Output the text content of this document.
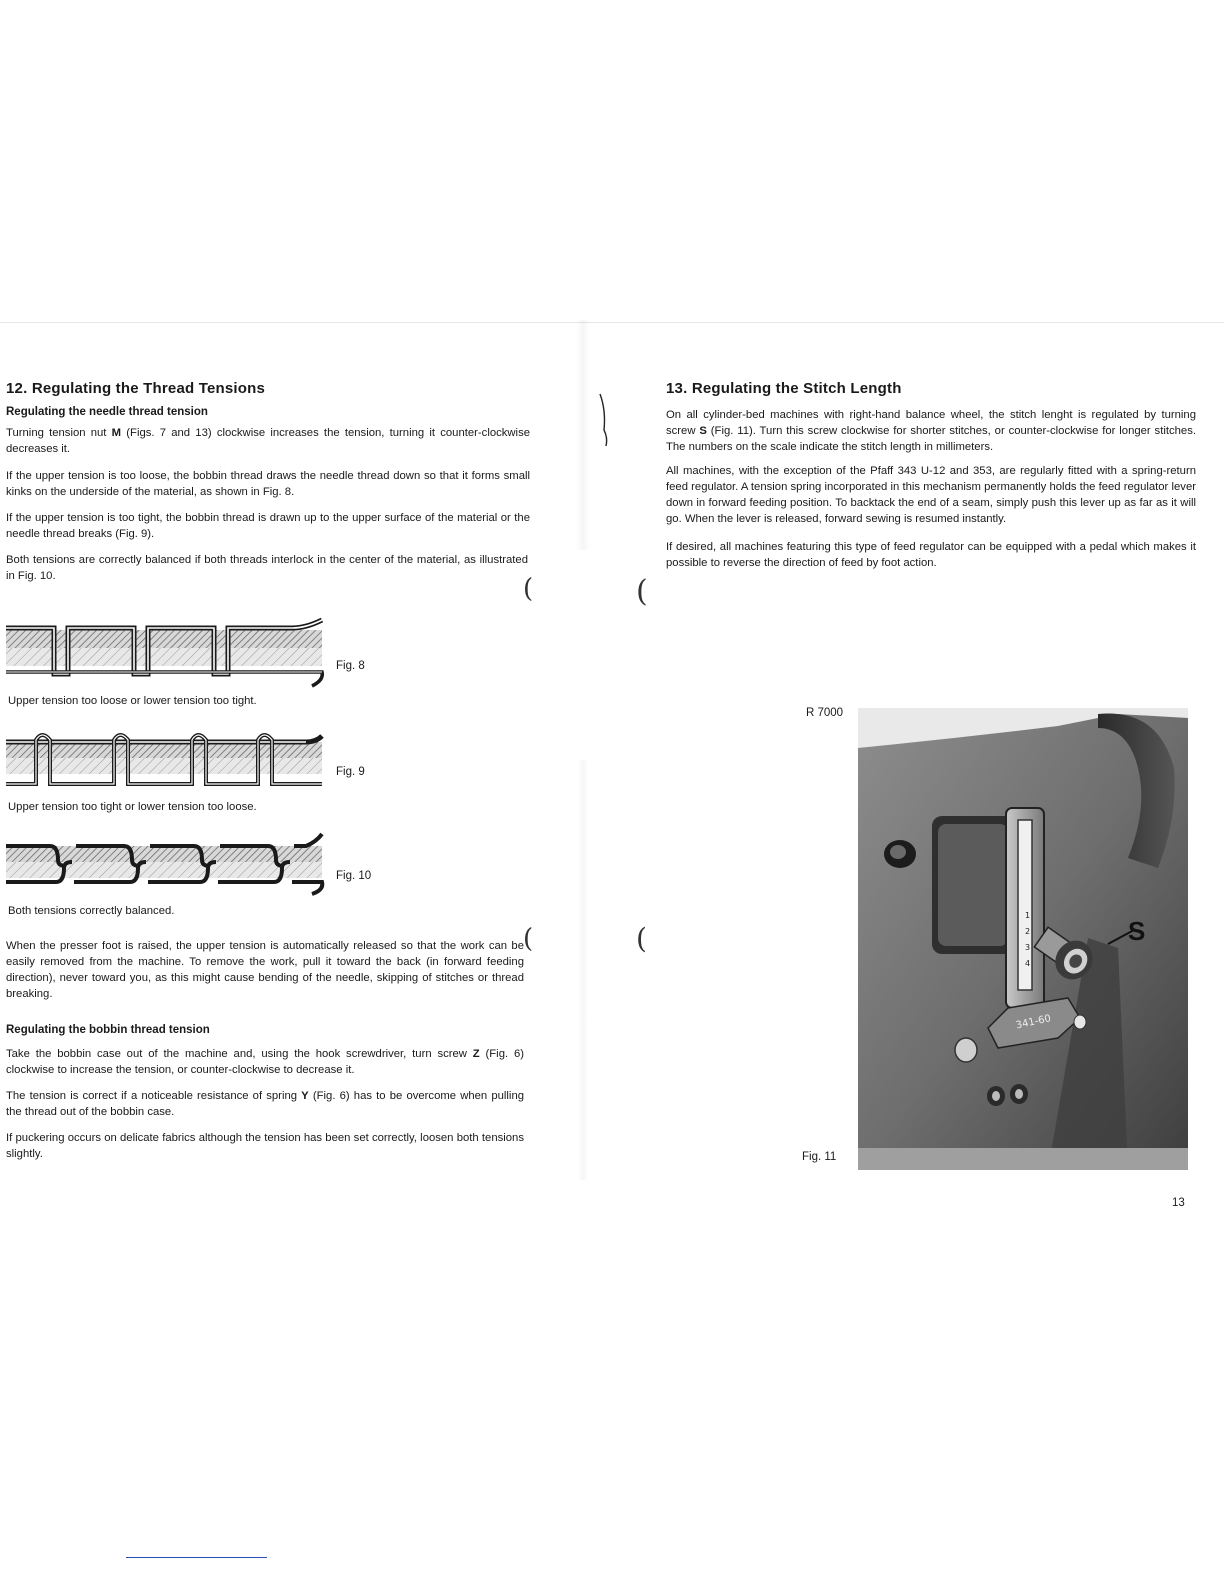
12. Regulating the Thread Tensions
Regulating the needle thread tension

Turning tension nut M (Figs. 7 and 13) clockwise increases the tension, turning it counter-clockwise decreases it.

If the upper tension is too loose, the bobbin thread draws the needle thread down so that it forms small kinks on the underside of the material, as shown in Fig. 8.

If the upper tension is too tight, the bobbin thread is drawn up to the upper surface of the material or the needle thread breaks (Fig. 9).

Both tensions are correctly balanced if both threads interlock in the center of the material, as illustrated in Fig. 10.	(
Fig. 8
Upper tension too loose or lower tension too tight.
Fig. 9
Upper tension too tight or lower tension too loose.
Fig. 10
Both tensions correctly balanced.

When the presser foot is raised, the upper tension is automatically released so that the work can be easily removed from the machine. To remove the work, pull it toward the back (in forward feeding direction), never toward you, as this might cause bending of the needle, skipping of stitches or thread breaking.

Regulating the bobbin thread tension

Take the bobbin case out of the machine and, using the hook screwdriver, turn screw Z (Fig. 6) clockwise to increase the tension, or counter-clockwise to decrease it.

The tension is correct if a noticeable resistance of spring Y (Fig. 6) has to be overcome when pulling the thread out of the bobbin case.

If puckering occurs on delicate fabrics although the tension has been set correctly, loosen both tensions slightly.

(
(
(
13. Regulating the Stitch Length

On all cylinder-bed machines with right-hand balance wheel, the stitch lenght is regulated by turning screw S (Fig. 11). Turn this screw clockwise for shorter stitches, or counter-clockwise for longer stitches. The numbers on the scale indicate the stitch length in millimeters.

All machines, with the exception of the Pfaff 343 U-12 and 353, are regularly fitted with a spring-return feed regulator. A tension spring incorporated in this mechanism permanently holds the feed regulator lever down in forward feeding position. To backtack the end of a seam, simply push this lever up as far as it will go. When the lever is released, forward sewing is resumed instantly.

If desired, all machines featuring this type of feed regulator can be equipped with a pedal which makes it possible to reverse the direction of feed by foot action.

R 7000
Fig. 11
1
2
3
4
S
341-60
13
